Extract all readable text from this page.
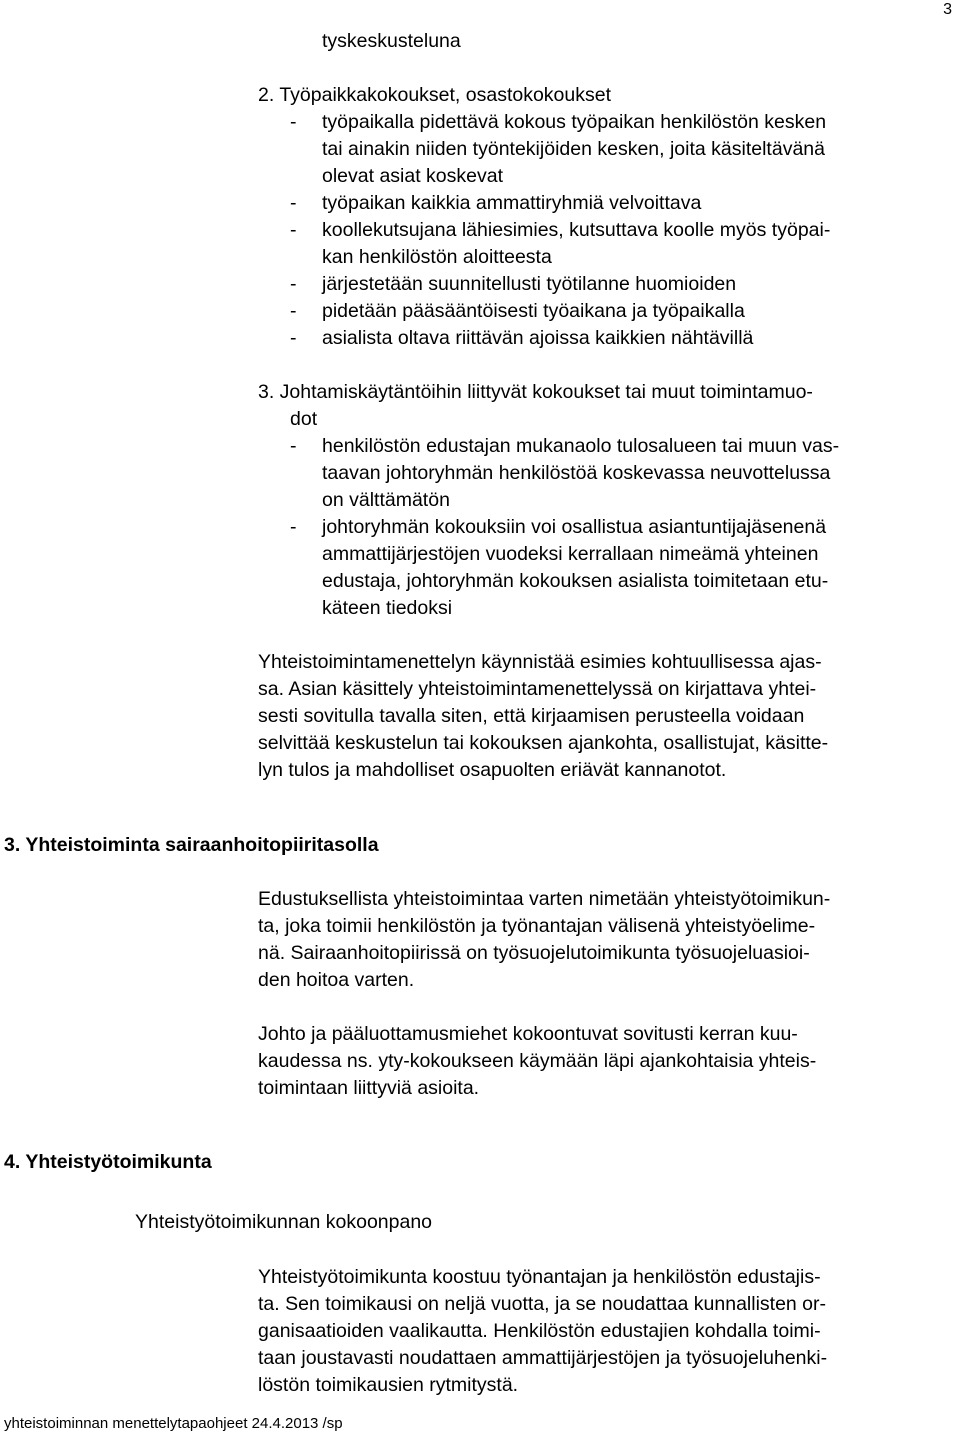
3
tyskeskustelunа
2. Työpaikkakokoukset, osastokokoukset
- työpaikalla pidettävä kokous työpaikan henkilöstön kesken
tai ainakin niiden työntekijöiden kesken, joita käsiteltävänä
olevat asiat koskevat
- työpaikan kaikkia ammattiryhmiä velvoittava
- koollekutsujana lähiesimies, kutsuttava koolle myös työpai-
kan henkilöstön aloitteesta
- järjestetään suunnitellusti työtilanne huomioiden
- pidetään pääsääntöisesti työaikana ja työpaikalla
- asialista oltava riittävän ajoissa kaikkien nähtävillä
3. Johtamiskäytäntöihin liittyvät kokoukset tai muut toimintamuo-
dot
- henkilöstön edustajan mukanaolo tulosalueen tai muun vas-
taavan johtoryhmän henkilöstöä koskevassa neuvottelussa
on välttämätön
- johtoryhmän kokouksiin voi osallistua asiantuntijajäsenenä
ammattijärjestöjen vuodeksi kerrallaan nimeämä yhteinen
edustaja, johtoryhmän kokouksen asialista toimitetaan etu-
käteen tiedoksi
Yhteistoimintamenettelyn käynnistää esimies kohtuullisessa ajas-
sa. Asian käsittely yhteistoimintamenettelyssä on kirjattava yhtei-
sesti sovitulla tavalla siten, että kirjaamisen perusteella voidaan
selvittää keskustelun tai kokouksen ajankohta, osallistujat, käsitte-
lyn tulos ja mahdolliset osapuolten eriävät kannanotot.
3. Yhteistoiminta sairaanhoitopiiritasolla
Edustuksellista yhteistoimintaa varten nimetään yhteistyötoimikun-
ta, joka toimii henkilöstön ja työnantajan välisenä yhteistyöelime-
nä. Sairaanhoitopiirissä on työsuojelutoimikunta työsuojeluasioi-
den hoitoa varten.
Johto ja pääluottamusmiehet kokoontuvat sovitusti kerran kuu-
kaudessa ns. yty-kokoukseen käymään läpi ajankohtaisia yhteis-
toimintaan liittyviä asioita.
4. Yhteistyötoimikunta
Yhteistyötoimikunnan kokoonpano
Yhteistyötoimikunta koostuu työnantajan ja henkilöstön edustajis-
ta. Sen toimikausi on neljä vuotta, ja se noudattaa kunnallisten or-
ganisaatioiden vaalikautta. Henkilöstön edustajien kohdalla toimi-
taan joustavasti noudattaen ammattijärjestöjen ja työsuojeluhenki-
löstön toimikausien rytmitystä.
yhteistoiminnan menettelytapaohjeet 24.4.2013 /sp
